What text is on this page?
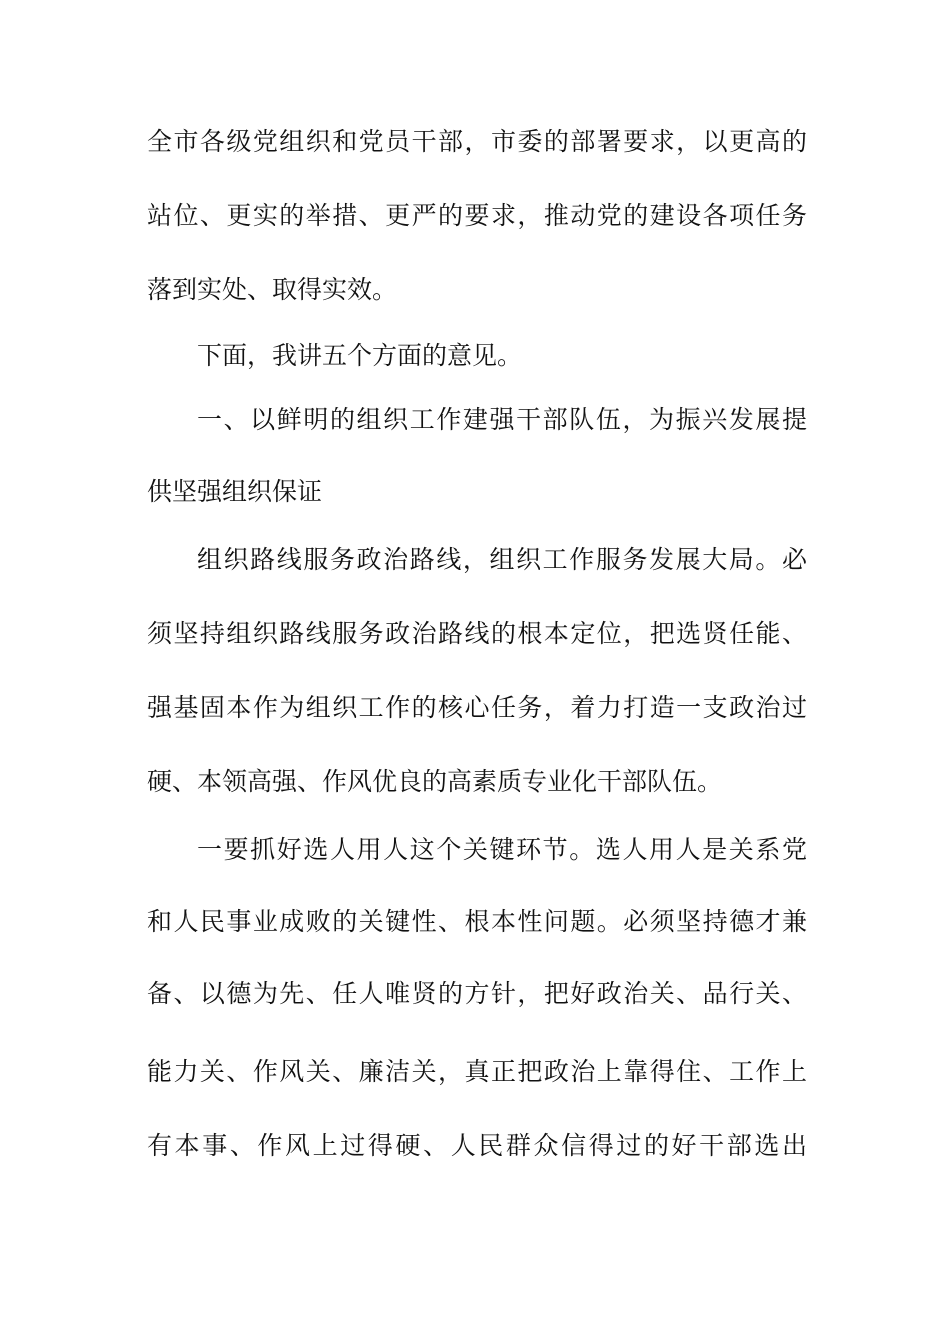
全市各级党组织和党员干部，市委的部署要求，以更高的
站位、更实的举措、更严的要求，推动党的建设各项任务
落到实处、取得实效。
下面，我讲五个方面的意见。
一、以鲜明的组织工作建强干部队伍，为振兴发展提
供坚强组织保证
组织路线服务政治路线，组织工作服务发展大局。必
须坚持组织路线服务政治路线的根本定位，把选贤任能、
强基固本作为组织工作的核心任务，着力打造一支政治过
硬、本领高强、作风优良的高素质专业化干部队伍。
一要抓好选人用人这个关键环节。选人用人是关系党
和人民事业成败的关键性、根本性问题。必须坚持德才兼
备、以德为先、任人唯贤的方针，把好政治关、品行关、
能力关、作风关、廉洁关，真正把政治上靠得住、工作上
有本事、作风上过得硬、人民群众信得过的好干部选出
